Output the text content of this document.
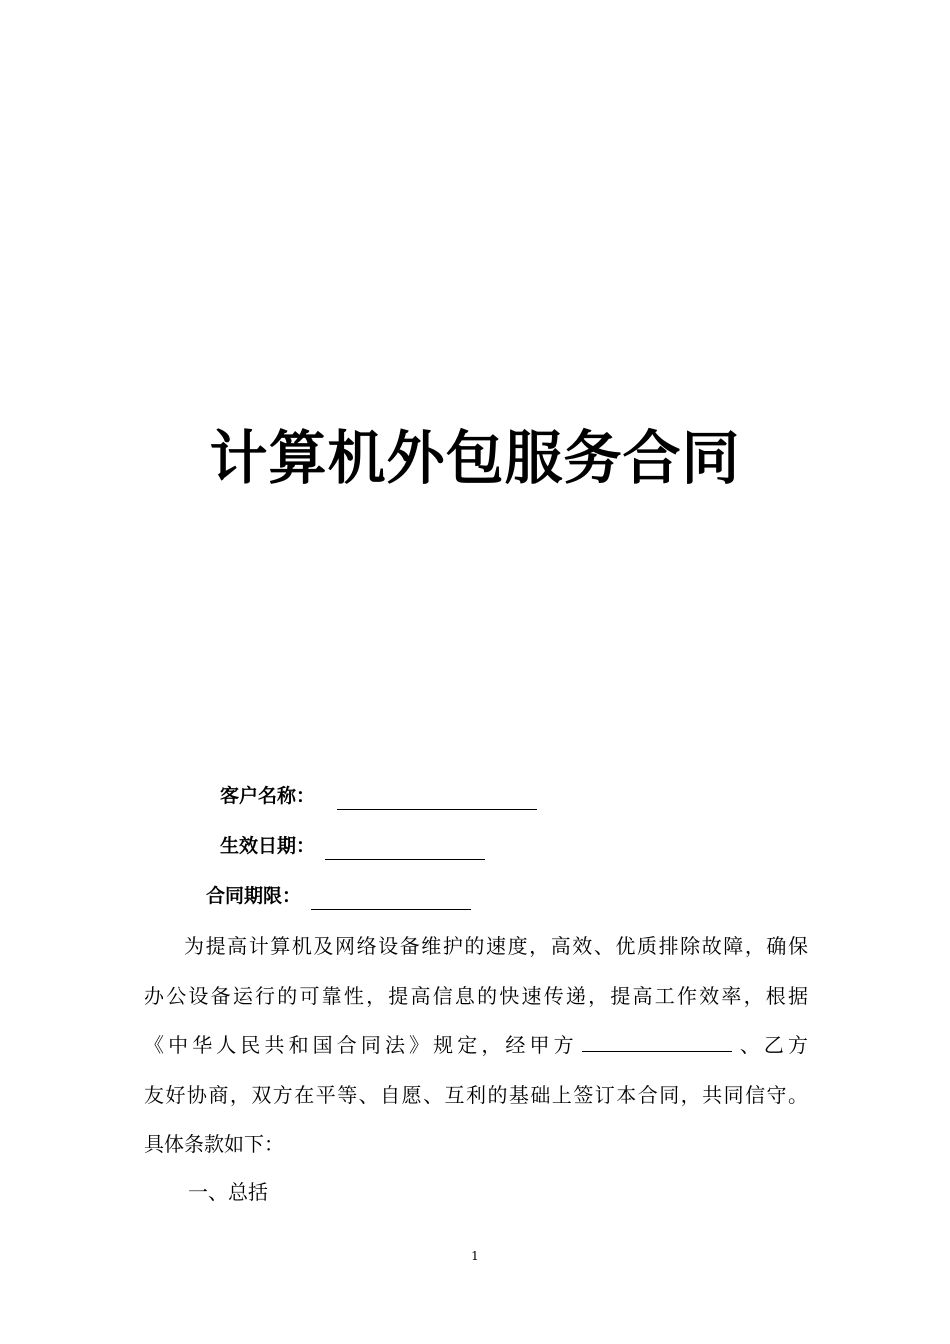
计算机外包服务合同
客户名称：
生效日期：
合同期限：
为提高计算机及网络设备维护的速度，高效、优质排除故障，确保
办公设备运行的可靠性，提高信息的快速传递，提高工作效率，根据
《中华人民共和国合同法》规定，经甲方	、乙方
友好协商，双方在平等、自愿、互利的基础上签订本合同，共同信守。
具体条款如下：

一、总括

1
